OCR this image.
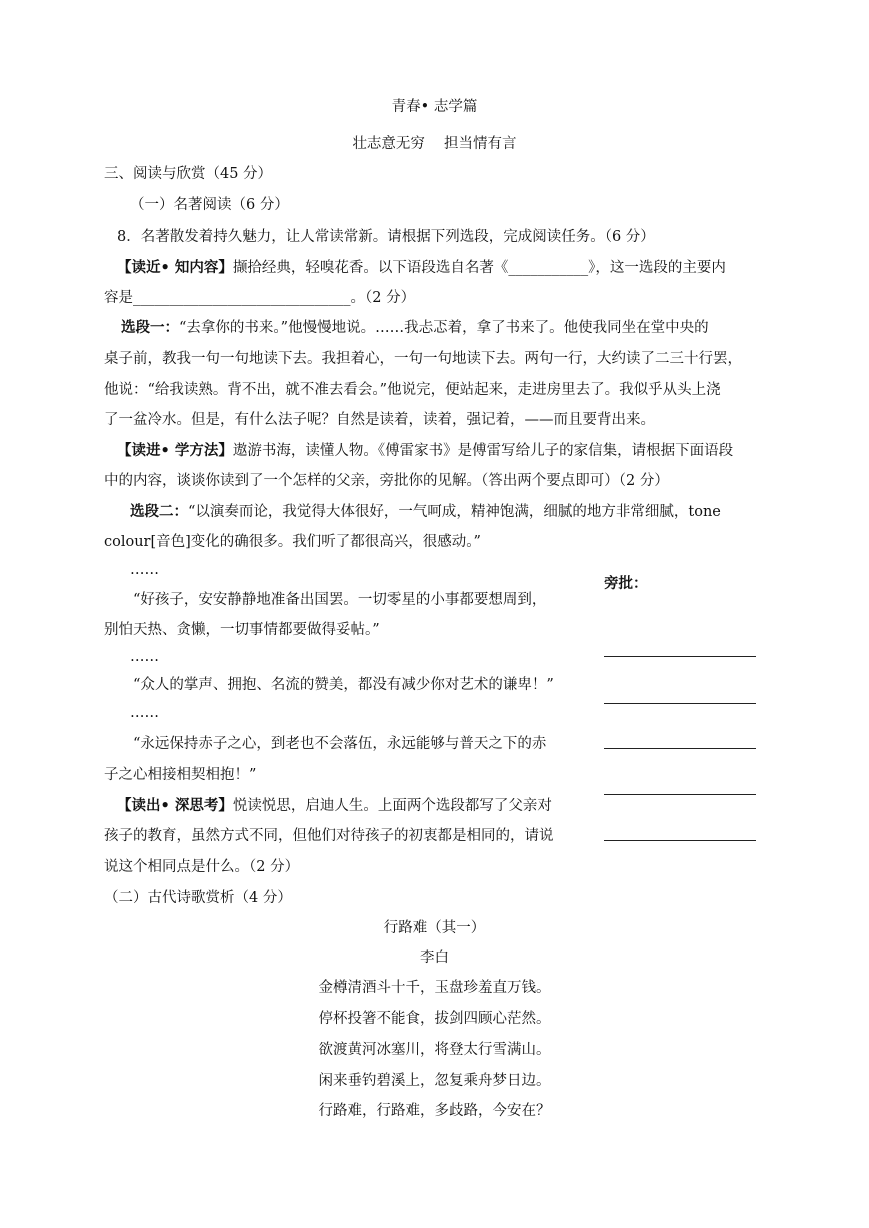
青春• 志学篇
壮志意无穷　 担当情有言
三、阅读与欣赏（45 分）
（一）名著阅读（6 分）
8．名著散发着持久魅力，让人常读常新。请根据下列选段，完成阅读任务。（6 分）
【读近• 知内容】撷拾经典，轻嗅花香。以下语段选自名著《___________》，这一选段的主要内
容是______________________________。（2 分）
选段一：“去拿你的书来。”他慢慢地说。……我忐忑着，拿了书来了。他使我同坐在堂中央的
桌子前，教我一句一句地读下去。我担着心，一句一句地读下去。两句一行，大约读了二三十行罢，
他说：“给我读熟。背不出，就不准去看会。”他说完，便站起来，走进房里去了。我似乎从头上浇
了一盆冷水。但是，有什么法子呢？自然是读着，读着，强记着，——而且要背出来。
【读进• 学方法】遨游书海，读懂人物。《傅雷家书》是傅雷写给儿子的家信集，请根据下面语段
中的内容，谈谈你读到了一个怎样的父亲，旁批你的见解。（答出两个要点即可）（2 分）
选段二：“以演奏而论，我觉得大体很好，一气呵成，精神饱满，细腻的地方非常细腻，tone
colour[音色]变化的确很多。我们听了都很高兴，很感动。”
……
旁批：
“好孩子，安安静静地准备出国罢。一切零星的小事都要想周到，
别怕天热、贪懒，一切事情都要做得妥帖。”
……
“众人的掌声、拥抱、名流的赞美，都没有减少你对艺术的谦卑！”
……
“永远保持赤子之心，到老也不会落伍，永远能够与普天之下的赤
子之心相接相契相抱！”
【读出• 深思考】悦读悦思，启迪人生。上面两个选段都写了父亲对
孩子的教育，虽然方式不同，但他们对待孩子的初衷都是相同的，请说
说这个相同点是什么。（2 分）
（二）古代诗歌赏析（4 分）
行路难（其一）
李白
金樽清酒斗十千，玉盘珍羞直万钱。
停杯投箸不能食，拔剑四顾心茫然。
欲渡黄河冰塞川，将登太行雪满山。
闲来垂钓碧溪上，忽复乘舟梦日边。
行路难，行路难，多歧路，今安在？
